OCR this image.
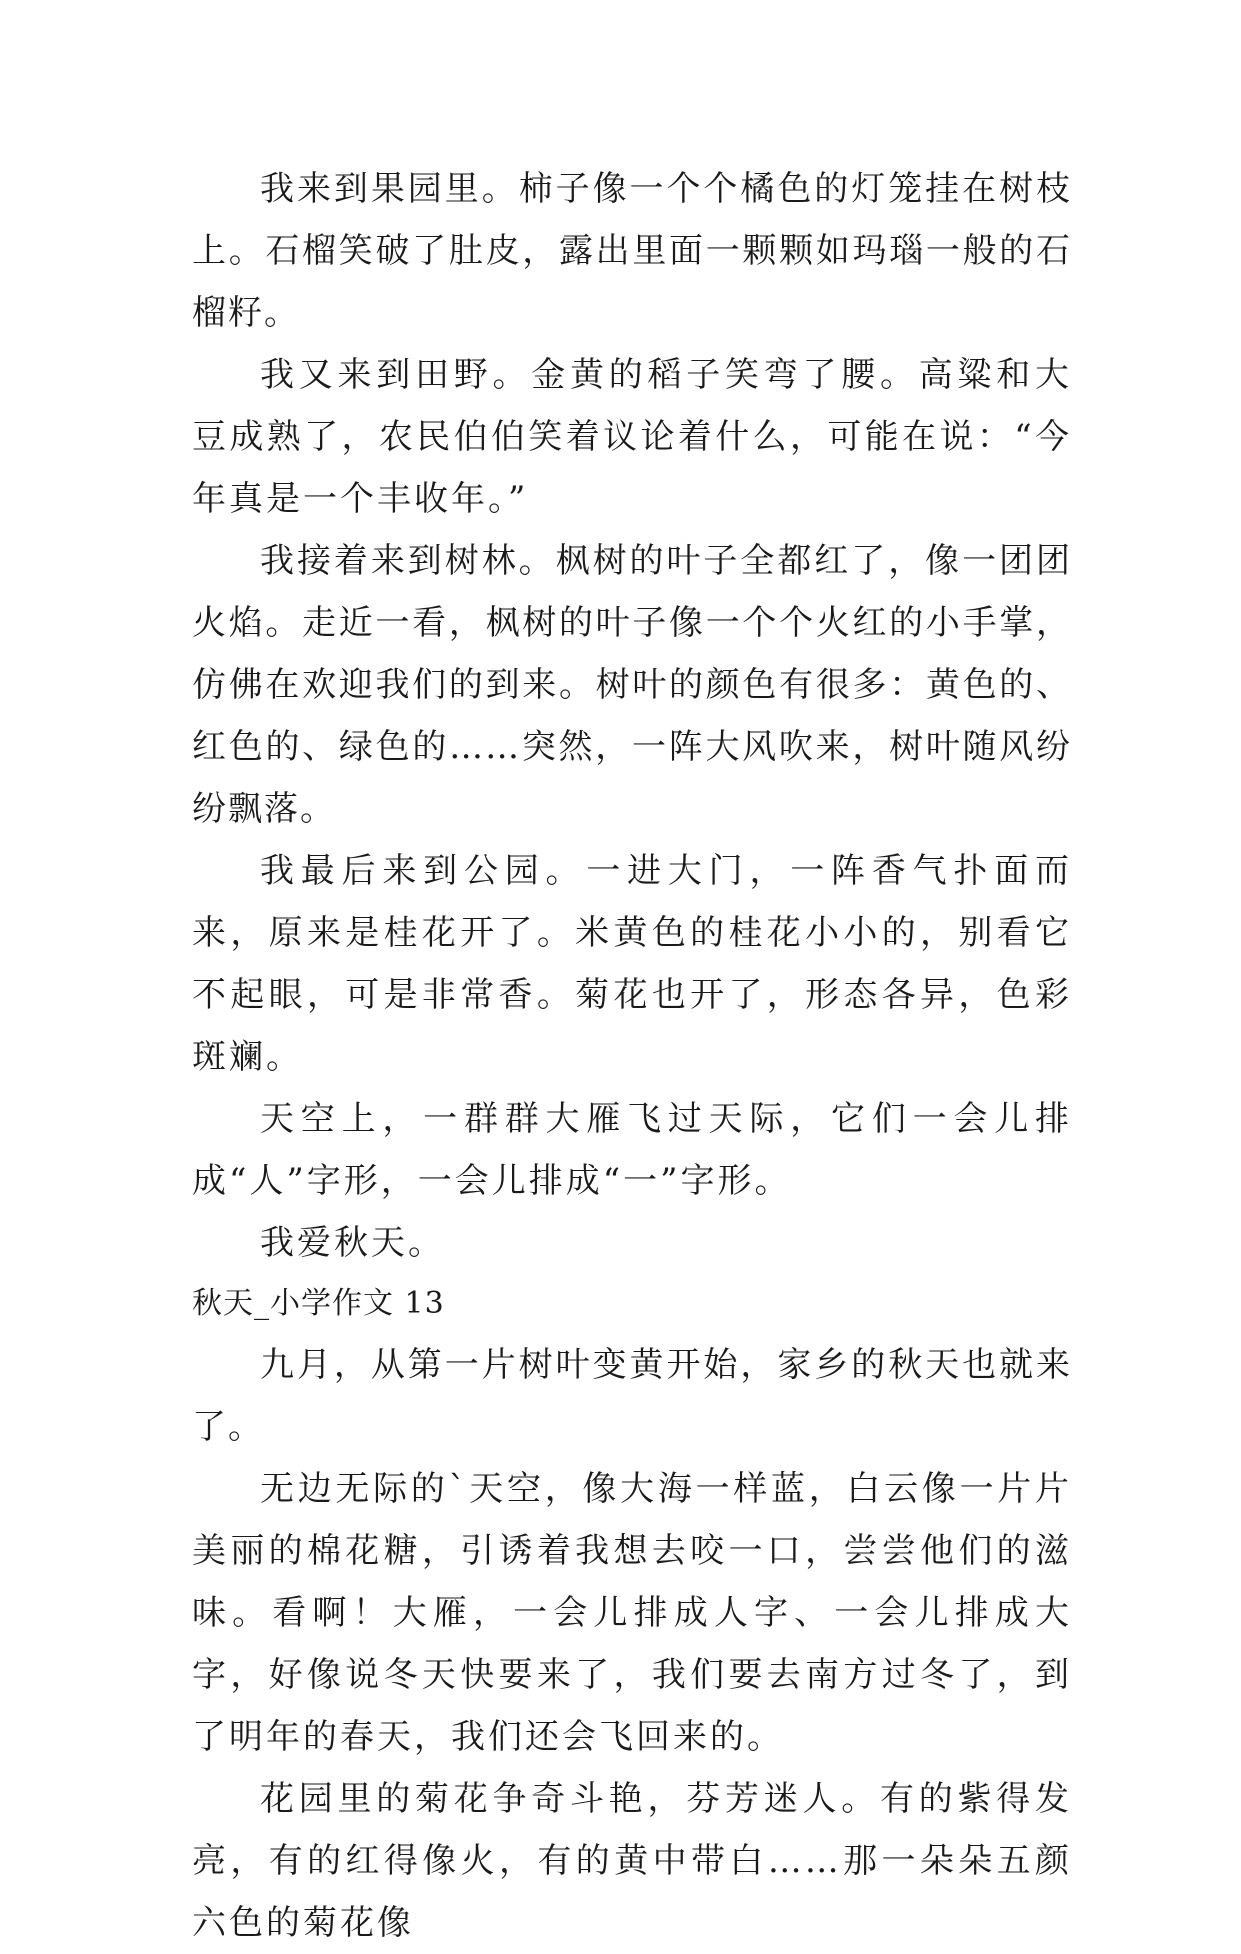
我来到果园里。柿子像一个个橘色的灯笼挂在树枝上。石榴笑破了肚皮，露出里面一颗颗如玛瑙一般的石榴籽。

我又来到田野。金黄的稻子笑弯了腰。高粱和大豆成熟了，农民伯伯笑着议论着什么，可能在说：“今年真是一个丰收年。”

我接着来到树林。枫树的叶子全都红了，像一团团火焰。走近一看，枫树的叶子像一个个火红的小手掌，仿佛在欢迎我们的到来。树叶的颜色有很多：黄色的、红色的、绿色的……突然，一阵大风吹来，树叶随风纷纷飘落。

我最后来到公园。一进大门，一阵香气扑面而来，原来是桂花开了。米黄色的桂花小小的，别看它不起眼，可是非常香。菊花也开了，形态各异，色彩斑斓。

天空上，一群群大雁飞过天际，它们一会儿排成“人”字形，一会儿排成“一”字形。

我爱秋天。

秋天_小学作文 13

九月，从第一片树叶变黄开始，家乡的秋天也就来了。

无边无际的`天空，像大海一样蓝，白云像一片片美丽的棉花糖，引诱着我想去咬一口，尝尝他们的滋味。看啊！大雁，一会儿排成人字、一会儿排成大字，好像说冬天快要来了，我们要去南方过冬了，到了明年的春天，我们还会飞回来的。

花园里的菊花争奇斗艳，芬芳迷人。有的紫得发亮，有的红得像火，有的黄中带白……那一朵朵五颜六色的菊花像
